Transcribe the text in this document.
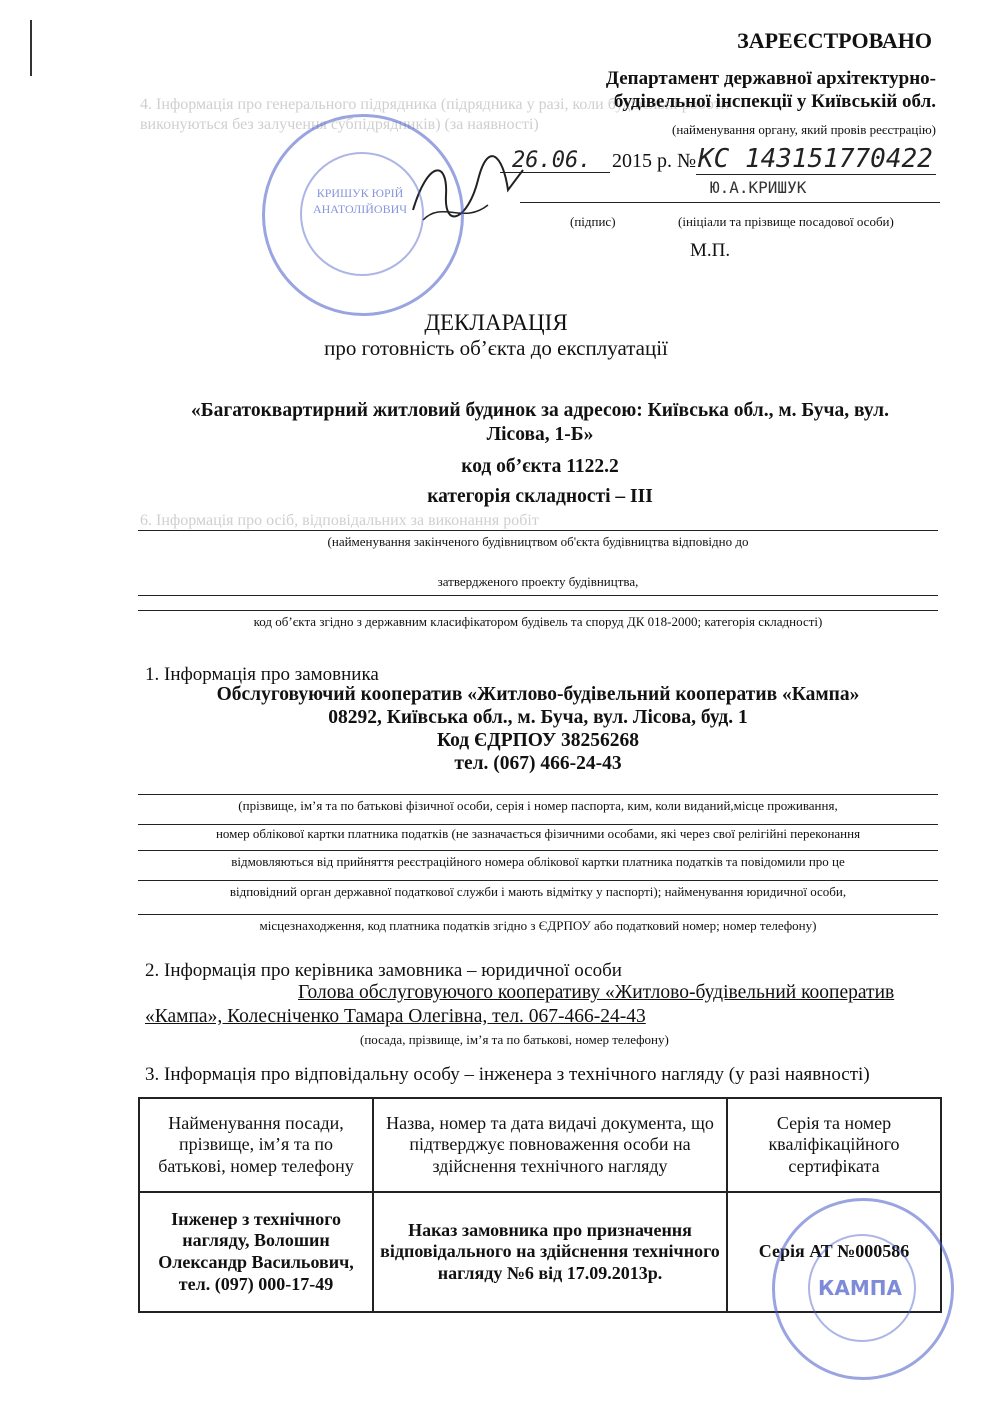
4. Інформація про генерального підрядника (підрядника у разі, коли будівельні роботи
виконуються без залучення субпідрядників) (за наявності)
6. Інформація про осіб, відповідальних за виконання робіт
ЗАРЕЄСТРОВАНО
Департамент державної архітектурно-
будівельної інспекції у Київській обл.
(найменування органу, який провів реєстрацію)
26.06. 2015 р. № КС 143151770422
Ю.А.КРИШУК
(підпис)	(ініціали та прізвище посадової особи)
М.П.
КРИШУК ЮРІЙ АНАТОЛІЙОВИЧ
ДЕКЛАРАЦІЯ
про готовність об’єкта до експлуатації
«Багатоквартирний житловий будинок за адресою: Київська обл., м. Буча, вул.
Лісова, 1-Б»
код об’єкта 1122.2
категорія складності – ІІІ
(найменування закінченого будівництвом об'єкта будівництва відповідно до
затвердженого проекту будівництва,
код об’єкта згідно з державним класифікатором будівель та споруд ДК 018-2000; категорія складності)
1. Інформація про замовника
Обслуговуючий кооператив «Житлово-будівельний кооператив «Кампа»
08292, Київська обл., м. Буча, вул. Лісова, буд. 1
Код ЄДРПОУ 38256268
тел. (067) 466-24-43
(прізвище, ім’я та по батькові фізичної особи, серія і номер паспорта, ким, коли виданий,місце проживання,
номер облікової картки платника податків (не зазначається фізичними особами, які через свої релігійні переконання
відмовляються від прийняття реєстраційного номера облікової картки платника податків та повідомили про це
відповідний орган державної податкової служби і мають відмітку у паспорті); найменування юридичної особи,
місцезнаходження, код платника податків згідно з ЄДРПОУ або податковий номер; номер телефону)
2. Інформація про керівника замовника – юридичної особи
Голова обслуговуючого кооперативу «Житлово-будівельний кооператив
«Кампа», Колесніченко Тамара Олегівна, тел. 067-466-24-43
(посада, прізвище, ім’я та по батькові, номер телефону)
3. Інформація про відповідальну особу – інженера з технічного нагляду (у разі наявності)
Найменування посади, прізвище, ім’я та по батькові, номер телефону	Назва, номер та дата видачі документа, що підтверджує повноваження особи на здійснення технічного нагляду	Серія та номер кваліфікаційного сертифіката
Інженер з технічного нагляду, Волошин Олександр Васильович, тел. (097) 000-17-49	Наказ замовника про призначення відповідального на здійснення технічного нагляду №6 від 17.09.2013р.	Серія АТ №000586
КАМПА
